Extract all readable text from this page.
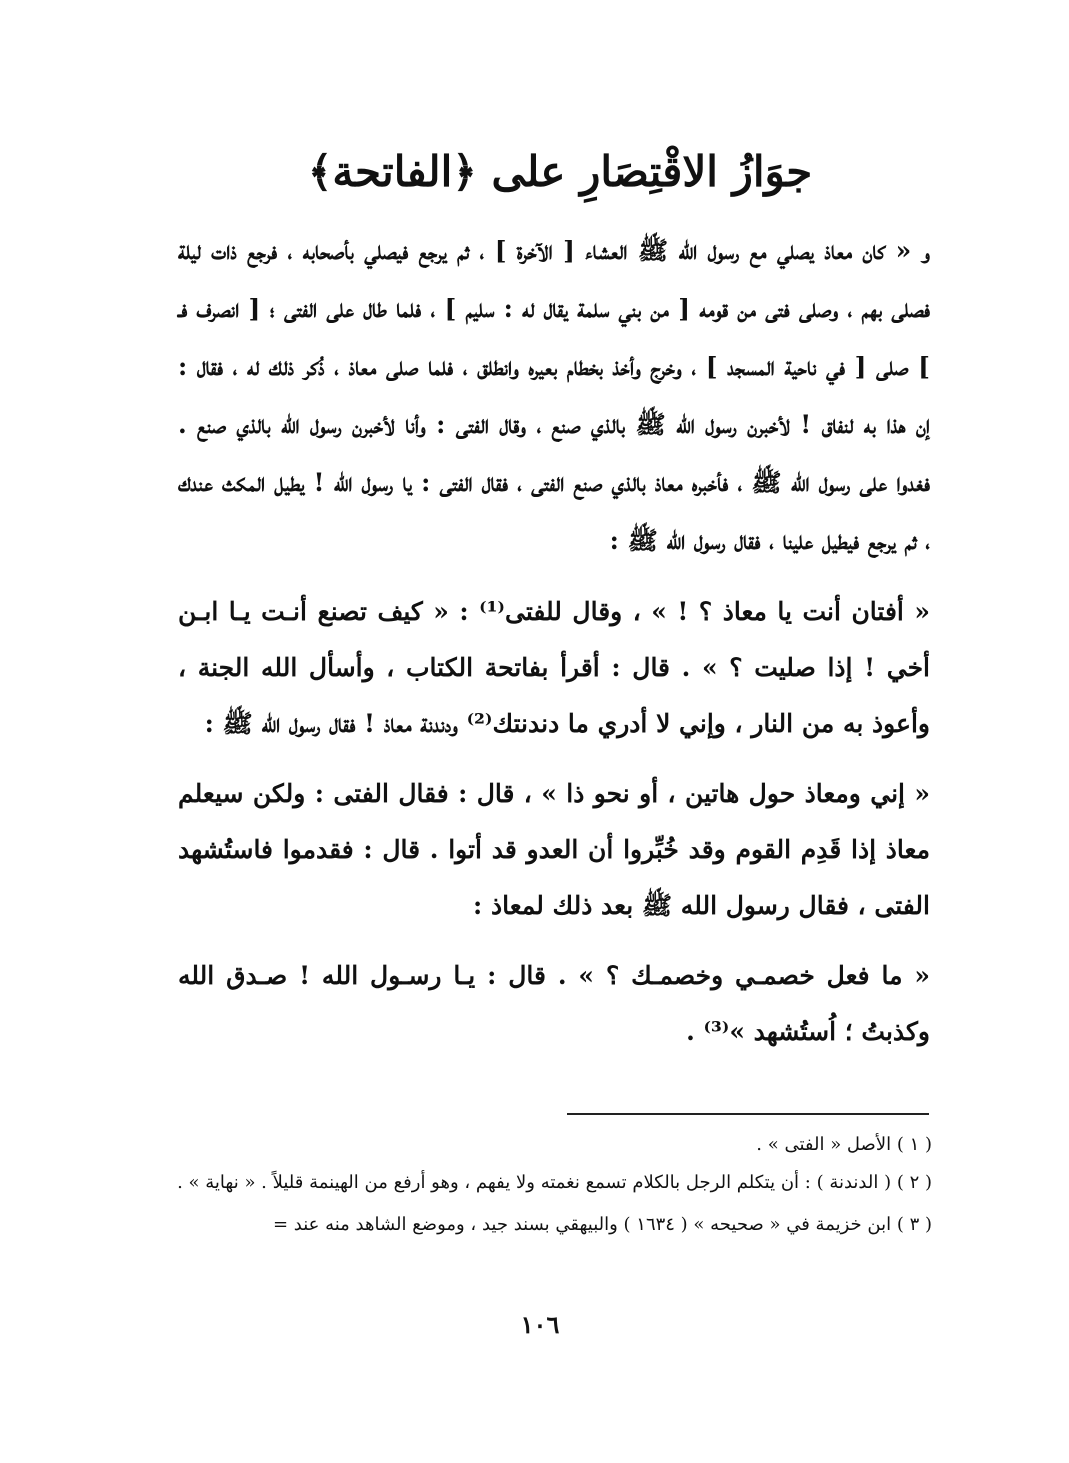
جوَازُ الاقْتِصَارِ على ﴿الفاتحة﴾

و « كان معاذ يصلي مع رسول الله ﷺ العشاء [ الآخرة ] ، ثم يرجع فيصلي بأصحابه ، فرجع ذات ليلة فصلى بهم ، وصلى فتى من قومه [ من بني سلمة يقال له : سليم ] ، فلما طال على الفتى ؛ [ انصرف فـ ] صلى [ في ناحية المسجد ] ، وخرج وأخذ بخطام بعيره وانطلق ، فلما صلى معاذ ، ذُكر ذلك له ، فقال : إن هذا به لنفاق ! لأخبرن رسول الله ﷺ بالذي صنع ، وقال الفتى : وأنا لأخبرن رسول الله بالذي صنع . فغدوا على رسول الله ﷺ ، فأخبره معاذ بالذي صنع الفتى ، فقال الفتى : يا رسول الله ! يطيل المكث عندك ، ثم يرجع فيطيل علينا ، فقال رسول الله ﷺ :

« أفتان أنت يا معاذ ؟ ! » ، وقال للفتى⁽¹⁾ : « كيف تصنع أنـت يـا ابـن أخي ! إذا صليت ؟ » . قال : أقرأ بفاتحة الكتاب ، وأسأل الله الجنة ، وأعوذ به من النار ، وإني لا أدري ما دندنتك⁽²⁾ ودندنة معاذ ! فقال رسول الله ﷺ :

« إني ومعاذ حول هاتين ، أو نحو ذا » ، قال : فقال الفتى : ولكن سيعلم معاذ إذا قَدِم القوم وقد خُبِّروا أن العدو قد أتوا . قال : فقدموا فاستُشهد الفتى ، فقال رسول الله ﷺ بعد ذلك لمعاذ :

« ما فعل خصمـي وخصمـك ؟ » . قال : يـا رسـول الله ! صـدق الله وكذبتُ ؛ اُستُشهد »⁽³⁾ .

( ١ ) الأصل « الفتى » .
( ٢ ) ( الدندنة ) : أن يتكلم الرجل بالكلام تسمع نغمته ولا يفهم ، وهو أرفع من الهينمة قليلاً . « نهاية » .
( ٣ ) ابن خزيمة في « صحيحه » ( ١٦٣٤ ) والبيهقي بسند جيد ، وموضع الشاهد منه عند =
١٠٦
